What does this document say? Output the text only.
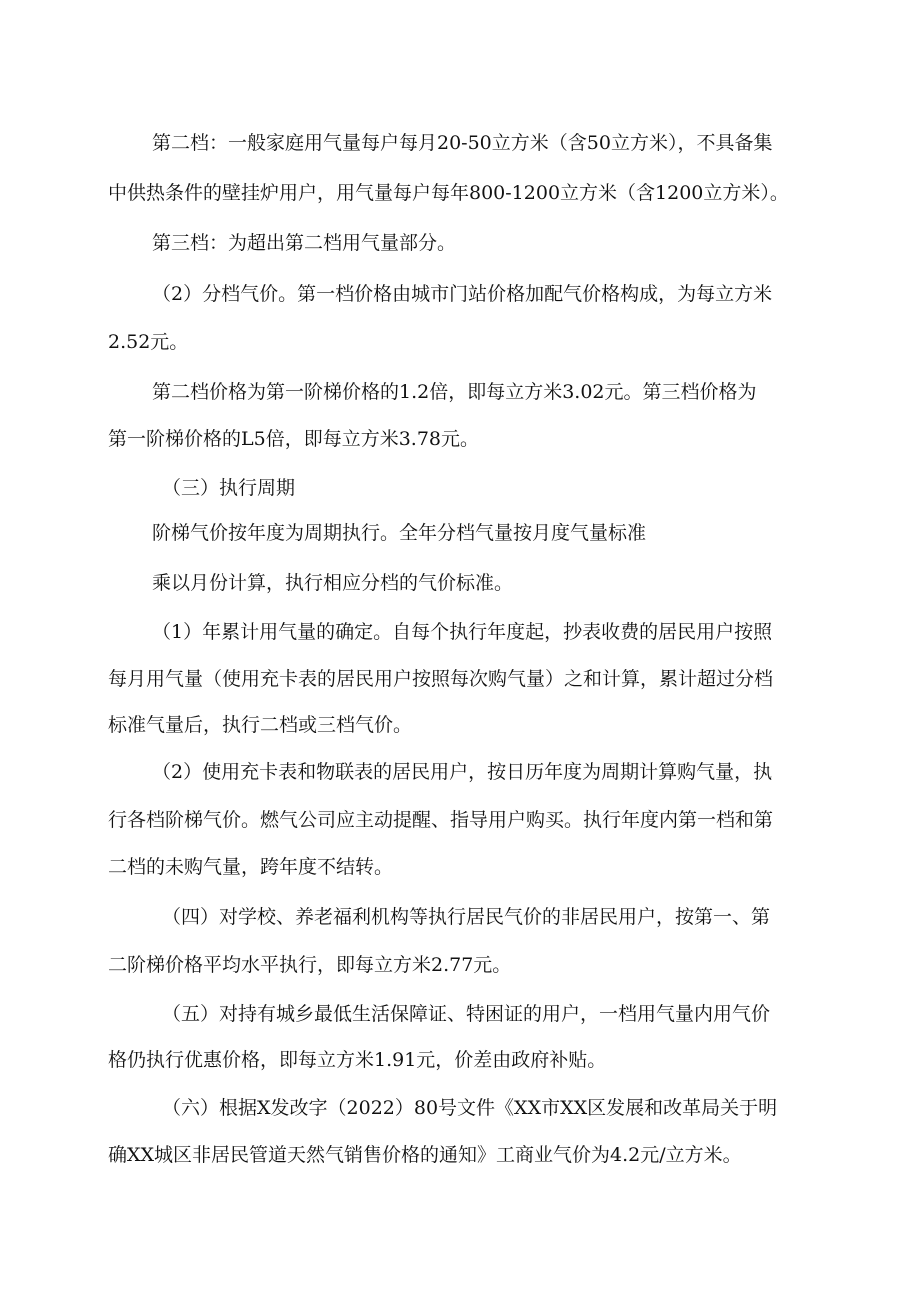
第二档：一般家庭用气量每户每月20-50立方米（含50立方米），不具备集
中供热条件的壁挂炉用户，用气量每户每年800-1200立方米（含1200立方米）。
第三档：为超出第二档用气量部分。
（2）分档气价。第一档价格由城市门站价格加配气价格构成，为每立方米
2.52元。
第二档价格为第一阶梯价格的1.2倍，即每立方米3.02元。第三档价格为
第一阶梯价格的L5倍，即每立方米3.78元。
（三）执行周期
阶梯气价按年度为周期执行。全年分档气量按月度气量标准
乘以月份计算，执行相应分档的气价标准。
（1）年累计用气量的确定。自每个执行年度起，抄表收费的居民用户按照
每月用气量（使用充卡表的居民用户按照每次购气量）之和计算，累计超过分档
标准气量后，执行二档或三档气价。
（2）使用充卡表和物联表的居民用户，按日历年度为周期计算购气量，执
行各档阶梯气价。燃气公司应主动提醒、指导用户购买。执行年度内第一档和第
二档的未购气量，跨年度不结转。
（四）对学校、养老福利机构等执行居民气价的非居民用户，按第一、第
二阶梯价格平均水平执行，即每立方米2.77元。
（五）对持有城乡最低生活保障证、特困证的用户，一档用气量内用气价
格仍执行优惠价格，即每立方米1.91元，价差由政府补贴。
（六）根据X发改字（2022）80号文件《XX市XX区发展和改革局关于明
确XX城区非居民管道天然气销售价格的通知》工商业气价为4.2元/立方米。
